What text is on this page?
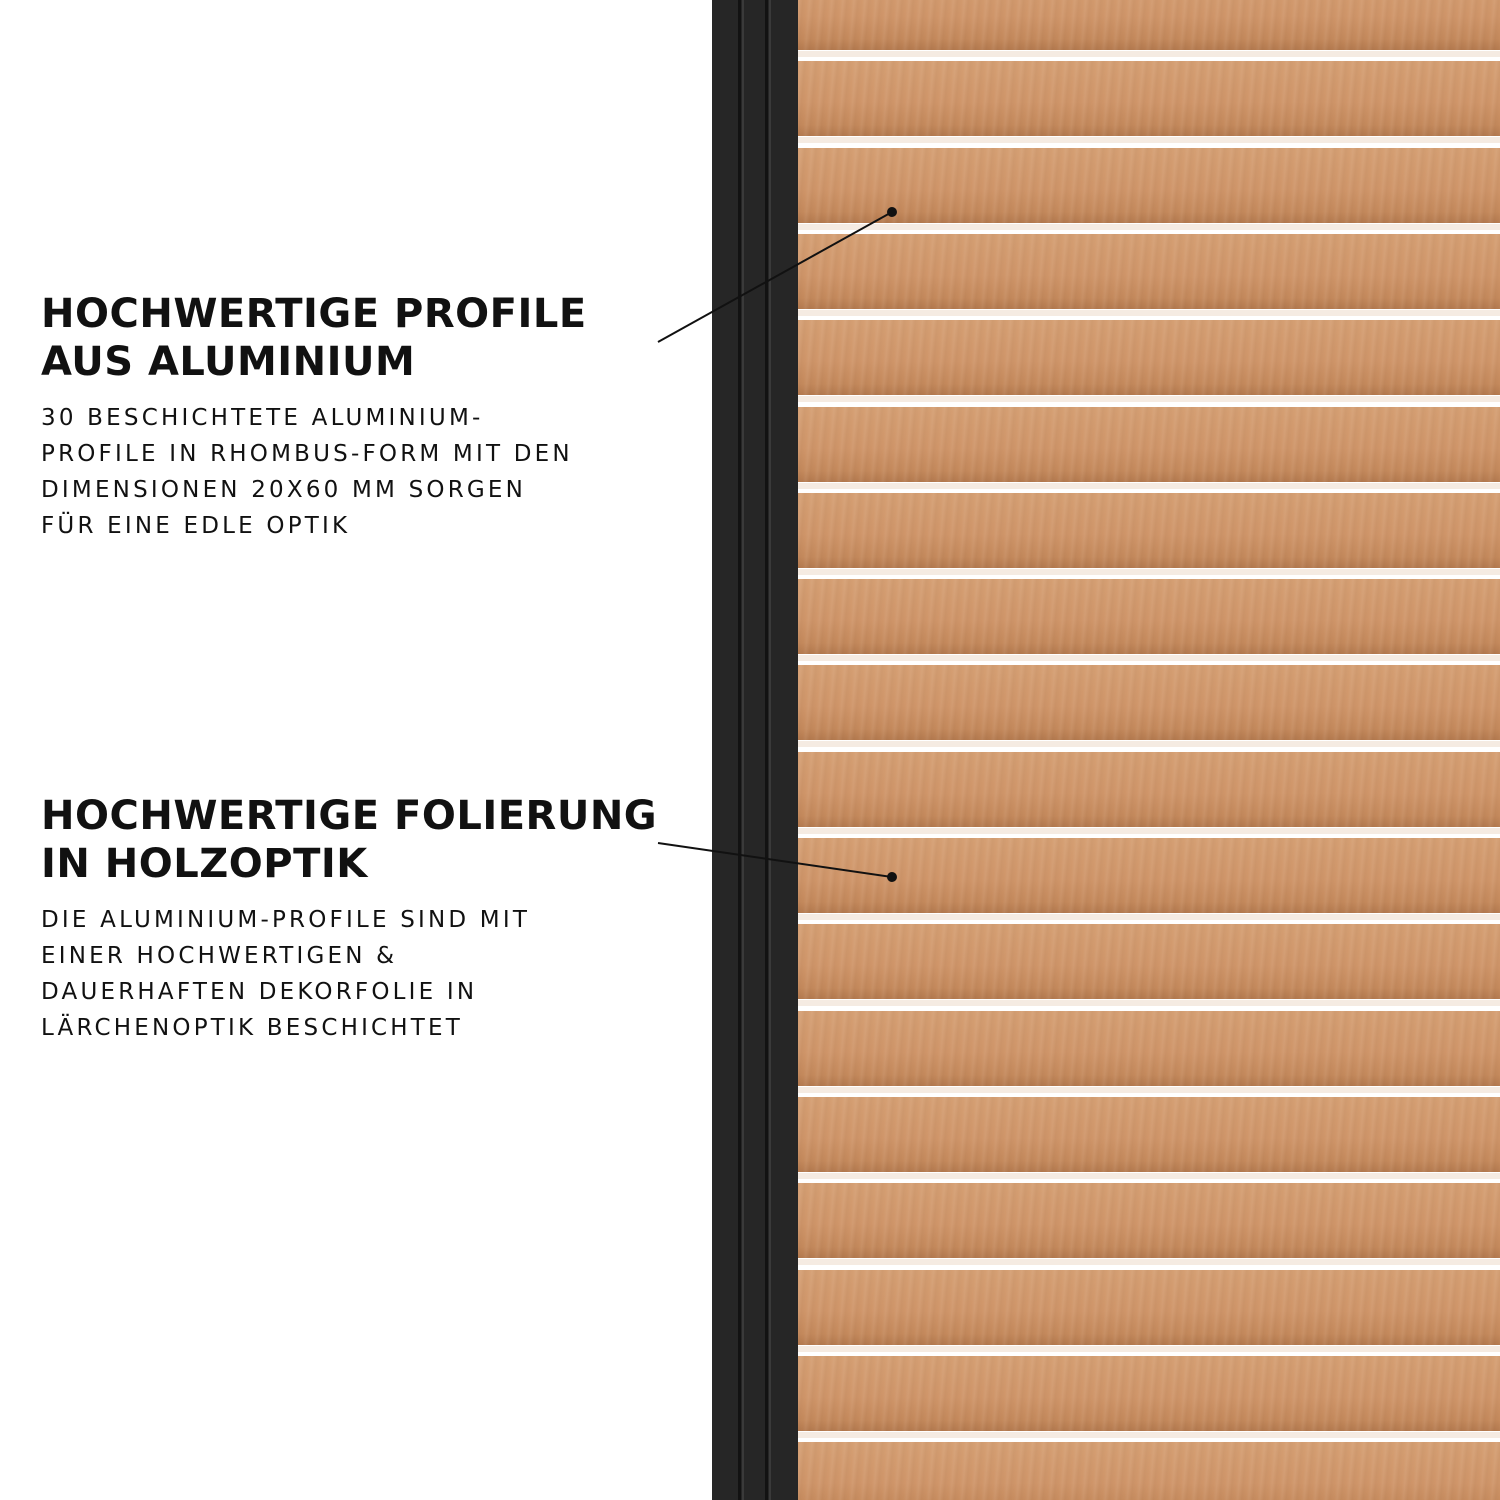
HOCHWERTIGE PROFILE
AUS ALUMINIUM

30 BESCHICHTETE ALUMINIUM-
PROFILE IN RHOMBUS-FORM MIT DEN
DIMENSIONEN 20X60 MM SORGEN
FÜR EINE EDLE OPTIK

HOCHWERTIGE FOLIERUNG
IN HOLZOPTIK

DIE ALUMINIUM-PROFILE SIND MIT
EINER HOCHWERTIGEN &
DAUERHAFTEN DEKORFOLIE IN
LÄRCHENOPTIK BESCHICHTET
